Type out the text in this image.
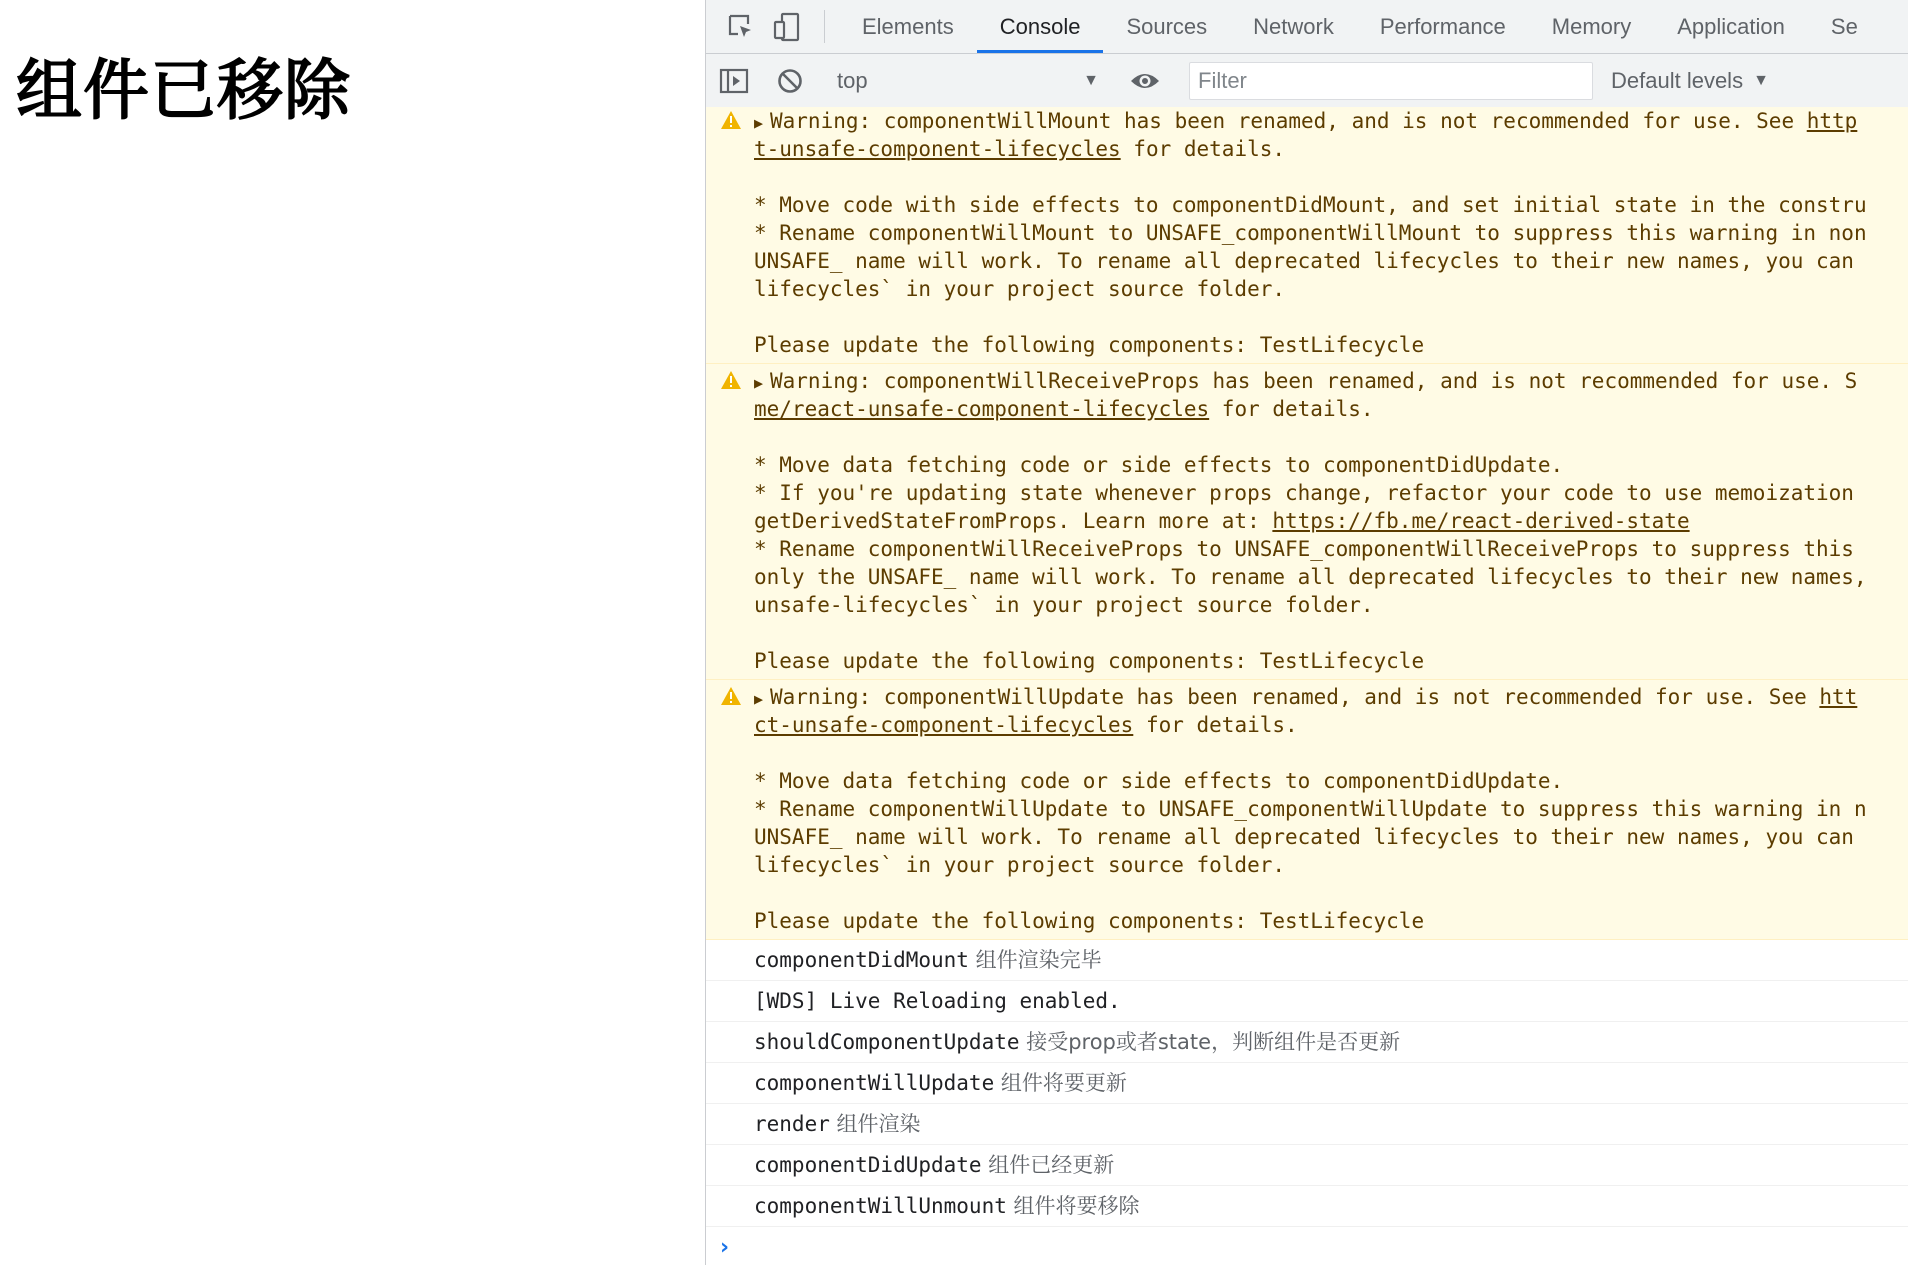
组件已移除
Elements	Console	Sources	Network	Performance	Memory	Application	Se
top	▼
Filter	Default levels ▼
▶ Warning: componentWillMount has been renamed, and is not recommended for use. See http
t-unsafe-component-lifecycles for details.
* Move code with side effects to componentDidMount, and set initial state in the constru
* Rename componentWillMount to UNSAFE_componentWillMount to suppress this warning in non
UNSAFE_ name will work. To rename all deprecated lifecycles to their new names, you can
lifecycles` in your project source folder.
Please update the following components: TestLifecycle
▶ Warning: componentWillReceiveProps has been renamed, and is not recommended for use. S
me/react-unsafe-component-lifecycles for details.
* Move data fetching code or side effects to componentDidUpdate.
* If you're updating state whenever props change, refactor your code to use memoization
getDerivedStateFromProps. Learn more at: https://fb.me/react-derived-state
* Rename componentWillReceiveProps to UNSAFE_componentWillReceiveProps to suppress this
only the UNSAFE_ name will work. To rename all deprecated lifecycles to their new names,
unsafe-lifecycles` in your project source folder.
Please update the following components: TestLifecycle
▶ Warning: componentWillUpdate has been renamed, and is not recommended for use. See htt
ct-unsafe-component-lifecycles for details.
* Move data fetching code or side effects to componentDidUpdate.
* Rename componentWillUpdate to UNSAFE_componentWillUpdate to suppress this warning in n
UNSAFE_ name will work. To rename all deprecated lifecycles to their new names, you can
lifecycles` in your project source folder.
Please update the following components: TestLifecycle
componentDidMount 组件渲染完毕
[WDS] Live Reloading enabled.
shouldComponentUpdate 接受prop或者state，判断组件是否更新
componentWillUpdate 组件将要更新
render 组件渲染
componentDidUpdate 组件已经更新
componentWillUnmount 组件将要移除
›
